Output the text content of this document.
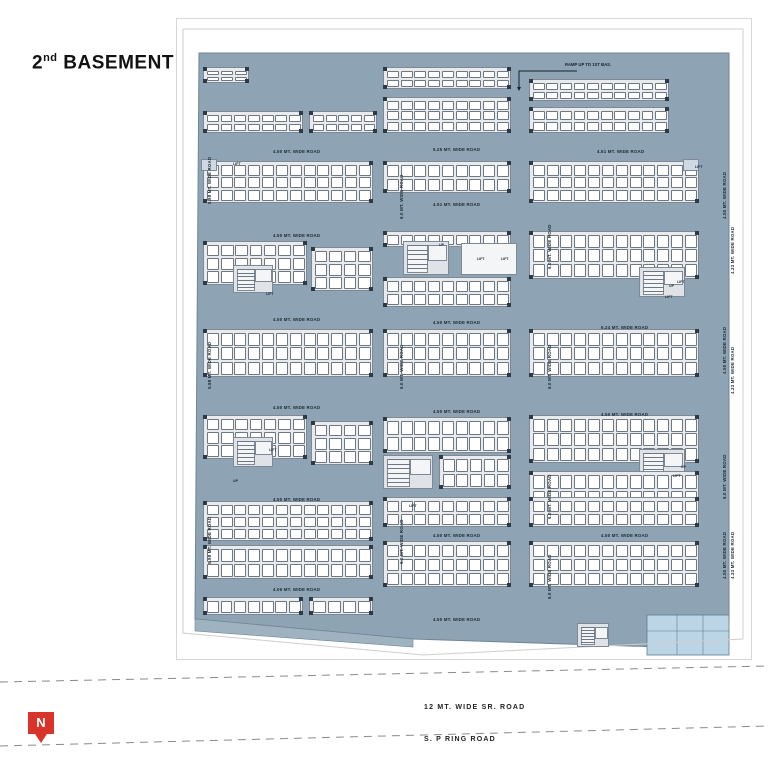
2nd BASEMENT	RAMP UP TO 1ST BAS.
4.50 MT. WIDE ROAD	5.25 MT. WIDE ROAD	4.51 MT. WIDE ROAD
4.50 MT. WIDE ROAD
4.51 MT. WIDE ROAD
4.50 MT. WIDE ROAD
4.50 MT. WIDE ROAD
6.24 MT. WIDE ROAD
4.50 MT. WIDE ROAD
4.50 MT. WIDE ROAD
4.50 MT. WIDE ROAD
4.50 MT. WIDE ROAD
4.50 MT. WIDE ROAD	4.50 MT. WIDE ROAD
4.06 MT. WIDE ROAD
4.50 MT. WIDE ROAD
5.98 MT. WIDE ROAD	6.0 MT. WIDE ROAD
6.0 MT. WIDE ROAD
4.50 MT. WIDE ROAD
4.33 MT. WIDE ROAD
5.98 MT. WIDE ROAD	6.0 MT. WIDE ROAD	6.0 MT. WIDE ROAD	4.50 MT. WIDE ROAD 4.33 MT. WIDE ROAD
5.98 MT. WIDE ROAD	6.0 MT. WIDE ROAD
6.0 MT. WIDE ROAD
6.0 MT. WIDE ROAD
6.0 MT. WIDE ROAD
4.50 MT. WIDE ROAD 4.33 MT. WIDE ROAD
LIFT
LIFT
UP
LIFT	LIFT
LIFT
LIFT
LIFT
UP
LIFT
UP
LIFT
LIFT
UP
12 MT. WIDE SR. ROAD
S. P RING ROAD
N
